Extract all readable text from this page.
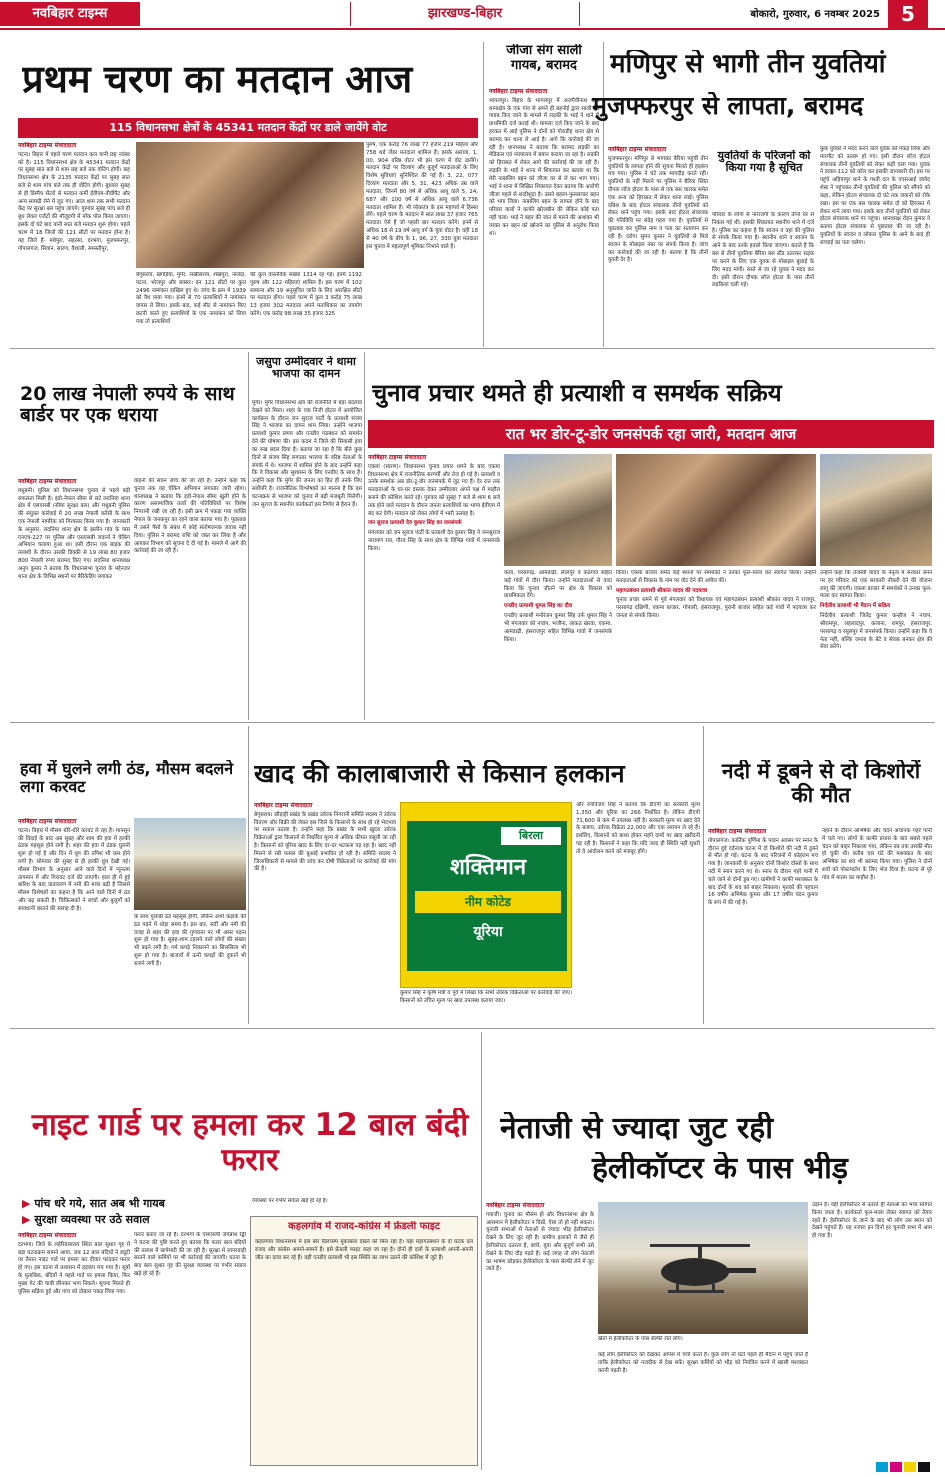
नवबिहार टाइम्स	झारखण्ड-बिहार	बोकारो, गुरुवार, 6 नवम्बर 2025	5
प्रथम चरण का मतदान आज
115 विधानसभा क्षेत्रों के 45341 मतदान केंद्रों पर डाले जायेंगे वोट
नवबिहार टाइम्स संवाददाता

पटना। बिहार में पहले चरण मतदान कल यानी छह नवंबर को है। 115 विधानसभा क्षेत्र के 45341 मतदान केंद्रों पर सुबह सात बजे से शाम छह बजे तक वोटिंग होगी। छह विधानसभा क्षेत्र के 2135 मतदान केंद्रों पर सुबह सात बजे से शाम पांच बजे तक ही वोटिंग होगी। बुधवार सुबह से ही डिस्पैच सेंटरों से मतदान कर्मी ईवीएम-वीवीपैट और अन्य सामग्री लेने में जुट गए। आज शाम तक सभी मतदान केंद्र पर सुरक्षा बल पहुंच जाएंगे। गुरुवार सुबह पांच बजे ही बूथ लेवल एजेंटों की मौजूदगी में मॉक पोल किया जाएगा। इसके दो घंटे बाद यानी सात बजे मतदान शुरू होगा। पहले चरण में 18 जिलों की 121 सीटों पर मतदान होना है। यह जिले हैं- मधेपुरा, सहरसा, दरभंगा, मुजफ्फरपुर, गोपालगंज, सिवान, सारण, वैशाली, समस्तीपुर,

बेगूसराय, खगड़िया, मुंगेर, लखीसराय, शेखपुरा, नालंदा, पटना, भोजपुर और बक्सर। इन 121 सीटों पर कुल 2496 नामांकन दाखिल हुए थे। जांच के क्रम में 1939 को वैध पाया गया। इनमें से 70 प्रत्याशियों ने नामांकन वापस ले लिया। इसके बाद, कई सीट से नामांकन किए छटनी करते हुए प्रत्याशियों के एक नामांकन को लिया गया तो प्रत्याशियों

की कुल वास्तविक संख्या 1314 रह गई। इनमें 1192 पुरुष और 122 महिलाएं शामिल हैं। इस चरण में 102 सामान्य और 19 अनुसूचित जाति के लिए आरक्षित सीटों पर मतदान होगा। पहले चरण में कुल 3 करोड़ 75 लाख 13 हजार 302 मतदाता अपने मताधिकार का उपयोग करेंगे। एक करोड़ 98 लाख 35 हजार 325

पुरुष, एक करोड़ 76 लाख 77 हजार 219 महिला और 758 थर्ड जेंडर मतदाता शामिल हैं। इसके अलावा, 1, 00, 904 वरिष्ठ वोटर भी इस चरण में वोट डालेंगे। मतदान केंद्रों पर दिव्यांग और बुजुर्ग मतदाताओं के लिए विशेष सुविधाएं सुनिश्चित की गई हैं। 3, 22, 077 दिव्यांग मतदाता और 5, 31, 423 अधिक उम्र वाले मतदाता, जिनमें 80 वर्ष से अधिक आयु वाले 5, 24, 687 और 100 वर्ष से अधिक आयु वाले 6,736 मतदाता शामिल हैं। भी लोकतंत्र के इस महापर्व में हिस्सा लेंगे। पहले चरण के मतदान में सात लाख 37 हजार 765 मतदाता ऐसे हैं जो पहली बार मतदान करेंगे। इनमें से अधिक 18 से 19 वर्ष आयु वर्ग के युवा वोटर हैं। वहीं 18 से 40 वर्ष के बीच के 1, 96, 27, 330 युवा मतदाता इस चुनाव में महत्वपूर्ण भूमिका निभाने वाले हैं।

जीजा संग साली गायब, बरामद
नवबिहार टाइम्स संवाददाता

भागलपुर। बिहार के भागलपुर में अजगैवीनाथ धाम थानाक्षेत्र के एक गांव से अपने ही बहनोई द्वारा साली को गायब किए जाने के मामले में लड़की के भाई ने थाने में प्राथमिकी दर्ज कराई थी। मामला दर्ज किए जाने के बाद हरकत में आई पुलिस ने दोनों को गोराडीह थाना क्षेत्र से बरामद कर थाना ले आई है। आगे कि कार्रवाई की जा रही है। थानाध्यक्ष ने बताया कि बरामद लड़की का मेडिकल एवं न्यायालय में बयान कराया जा रहा है। लड़की को हिरासत में लेकर आगे की कार्रवाई की जा रही है। लड़की के भाई ने थाना में शिकायत कर बताया था कि मेरी नाबालिग बहन को जीजा घर से ले कर भाग गया। भाई ने थाना में लिखित शिकायत देकर बताया कि आरोपी जीजा पहले से शादीशुदा है। उसने बहला-फुसलाकर बहन को भगा लिया। नाबालिग बहन के लापता होने के बाद परिवार वालों ने काफी खोजबीन की लेकिन कोई पता नहीं चला। भाई ने बहन की जान से मारने की आशंका भी व्यक्त कर बहन को खोजने का पुलिस से अनुरोध किया था।

मणिपुर से भागी तीन युवतियां
मुजफ्फरपुर से लापता, बरामद
नवबिहार टाइम्स संवाददाता

मुजफ्फरपुर। मणिपुर से भागकर बैरिया पहुंचीं तीन युवतियों के लापता होने की सूचना मिलते ही हड़कंप मच गया। पुलिस ने घंटे तक भागदौड़ करते रही। युवतियों के नहीं मिलने पर पुलिस ने बैरिया स्थित दीपक लॉज होटल के पास से एक बस चालक समेत एक अन्य को हिरासत में लेकर थाना लाई। पुलिस दबिश के बाद होटल संचालक तीनों युवतियों को लेकर थाने पहुंच गया। इसके बाद होटल संचालक की गतिविधि पर संदेह गहरा गया है। युवतियों से पूछताछ कर पुलिस नाम व पता का सत्यापन कर रही है। दरोगा सुमन कुमार ने युवतियों से मिले स्वजन के मोबाइल नंबर पर संपर्क किया है। जांच कर कार्रवाई की जा रही है। बताया है कि तीनों युवती देर है।

युवतियों के परिजनों को किया गया है सूचित

परिवार के लोगों से नाराजगी के कारण तीनों घर से निकल गई थीं। इसकी शिकायत स्थानीय थाने में दर्ज है। पुलिस का कहना है कि स्वजन व वहां की पुलिस से संपर्क किया गया है। स्थानीय थाने व स्वजन के आने के बाद उनके हवाले किया जाएगा। बताते हैं कि बस से तीनों युवतियां बैरिया बस स्टैंड उतरकर सड़क पर करने के लिए एक युवक से मोबाइल बुलाई के लिए मदद मांगी। रास्ते से जा रहे युवक ने मदद कर दी। इसी दौरान दीपक लॉज होटल के पास तीनों लड़कियां चली गई।

कुछ युवकों ने मदद करने वाले युवक को पकड़ लिया और मारपीट को उतारू हो गए। इसी दौरान लॉज होटल संचालक तीनों युवतियों को लेकर कहीं चला गया। युवक ने डायल-112 को कॉल कर इसकी जानकारी दी। इस पर पहुंचे अहियापुर थाने के गश्ती दल के एएसआई जावेद शेख ने पहुंचकर तीनों युवतियों की पुलिस को सौंपने को कहा, लेकिन होटल संचालक दो घंटे तक जवानों को रोके रखा। इस पर एक बस चालक समेत दो को हिरासत में लेकर थाने लाया गया। इसके बाद तीनों युवतियों को लेकर होटल संचालक थाने पर पहुंचा। थानाध्यक्ष रोहन कुमार ने बताया होटल संचालक से पूछताछ की जा रही है। युवतियों के स्वजन व लोकल पुलिस के आने के बाद ही सच्चाई का पता चलेगा।

20 लाख नेपाली रुपये के साथ बार्डर पर एक धराया
नवबिहार टाइम्स संवाददाता

मधुबनी। पुलिस को विधानसभा चुनाव से पहले बड़ी सफलता मिली है। इंडो-नेपाल सीमा से सटे लदनिया थाना क्षेत्र में एसएसबी (सीमा सुरक्षा बल) और मधुबनी पुलिस की संयुक्त कार्रवाई में 20 लाख नेपाली करेंसी के साथ एक नेपाली नागरिक को गिरफ्तार किया गया है। जानकारी के अनुसार, लदनिया थाना क्षेत्र के झलीन गांव के पास एनएच-227 पर पुलिस और एसएसबी जवानों ने चेकिंग अभियान चलाया हुआ था। इसी दौरान एक बाइक की तलाशी के दौरान उसकी डिक्की से 19 लाख 80 हजार 800 नेपाली रुपए बरामद किए गए। लदनिया थानाध्यक्ष अनुप कुमार ने बताया कि विधानसभा चुनाव के मद्देनजर थाना क्षेत्र के विभिन्न स्थानों पर बैरिकेडिंग लगाकर

वाहनों की सघन जांच की जा रही है। उन्होंने कहा कि चुनाव तक यह चेकिंग अभियान लगातार जारी रहेगा। थानाध्यक्ष ने बताया कि इंडो-नेपाल सीमा खुली होने के कारण असामाजिक तत्वों की गतिविधियों पर विशेष निगरानी रखी जा रही है। इसी क्रम में पकड़ा गया व्यक्ति नेपाल के जनकपुर का रहने वाला बताया गया है। पूछताछ में उसने पैसों के संबंध में कोई संतोषजनक जवाब नहीं दिया। पुलिस ने बरामद राशि को जब्त कर लिया है और आयकर विभाग को सूचना दे दी गई है। मामले में आगे की कार्रवाई की जा रही है।

जसुपा उम्मीदवार ने थामा भाजपा का दामन

मुंगेर। मुंगेर विधानसभा क्षेत्र की राजनीति में बड़ा बदलाव देखने को मिला। शहर के एक निजी होटल में आयोजित कार्यक्रम के दौरान जन सुराज पार्टी के प्रत्याशी संजय सिंह ने भाजपा का दामन थाम लिया। उन्होंने भाजपा प्रत्याशी कुमार प्रणय और एनडीए गठबंधन को समर्थन देने की घोषणा की। इस कदम ने जिले की सियासी हवा का रुख बदल दिया है। बताया जा रहा है कि बीते कुछ दिनों से संजय सिंह लगातार भाजपा के वरिष्ठ नेताओं के संपर्क में थे। भाजपा में शामिल होने के बाद उन्होंने कहा कि वे विकास और सुशासन के लिए एनडीए के साथ हैं। उन्होंने कहा कि मुंगेर की जनता का हित ही उनके लिए सर्वोपरि है। राजनीतिक विश्लेषकों का मानना है कि इस घटनाक्रम से भाजपा को चुनाव में बड़ी मजबूती मिलेगी। जन सुराज के स्थानीय कार्यकर्ता इस निर्णय से हैरान हैं।

चुनाव प्रचार थमते ही प्रत्याशी व समर्थक सक्रिय
रात भर डोर-टू-डोर जनसंपर्क रहा जारी, मतदान आज
नवबिहार टाइम्स संवाददाता

एकमा (सारण)। विधानसभा चुनाव प्रचार थमने के बाद एकमा विधानसभा क्षेत्र में राजनीतिक सरगर्मी और तेज हो गई है। प्रत्याशी व उनके समर्थक अब डोर-टू-डोर जनसंपर्क में जुट गए हैं। देर रात तक मतदाताओं के घर-घर दस्तक देकर उम्मीदवार अपने पक्ष में माहौल बनाने की कोशिश करते रहे। गुरुवार को सुबह 7 बजे से शाम 6 बजे तक होने वाले मतदान के दौरान जनता प्रत्याशियों का भाग्य ईवीएम में बंद कर देगी। मतदान को लेकर लोगों में भारी उत्साह है।

जन सुराज प्रत्याशी देव कुमार सिंह का जनसंपर्क

मंगलवार को जन सुराज पार्टी के प्रत्याशी देव कुमार सिंह ने जनसुराज नारायण राय, गौरव सिंह के साथ क्षेत्र के विभिन्न गांवों में जनसंपर्क किया।

कला, परसागढ़, आमडाढ़ी, लालपुर व कठगाव सहित कई गांवों में दौरा किया। उन्होंने मतदाताओं से वादा किया कि चुनाव जीतने पर क्षेत्र के विकास को प्राथमिकता देंगे।

एनडीए प्रत्याशी धूमल सिंह का दौरा

एनडीए प्रत्याशी मनोरंजन कुमार सिंह उर्फ धूमल सिंह ने भी मंगलवार को नचाप, भजौना, लाकठ खरवा, एकमा, आमडाढ़ी, हंसराजपुर सहित विभिन्न गांवों में जनसंपर्क किया।

किया। एकमा बाजार समेत कई स्थानों पर समर्थकों ने उनका फूल-माला कर स्वागत किया। उन्होंने मतदाताओं से विकास के नाम पर वोट देने की अपील की।

महागठबंधन प्रत्याशी श्रीकांत यादव की पदयात्रा

चुनाव प्रचार थमने से पूर्व मंगलवार को विधायक एवं महागठबंधन प्रत्याशी श्रीकांत यादव ने राजपुर, परसागढ़ दक्षिणी, एकमा बाजार, गोपाली, हंसराजपुर, पुरानी बाजार सहित कई गांवों में पदयात्रा कर जनता से संपर्क किया।

उन्होंने कहा कि तेजस्वी यादव के नेतृत्व में सरकार बनने पर हर परिवार को एक सरकारी नौकरी देने की योजना लागू की जाएगी। एकमा बाजार में समर्थकों ने उनका फूल-माला कर स्वागत किया।

निर्दलीय प्रत्याशी भी मैदान में सक्रिय

निर्दलीय प्रत्याशी जितेंद्र कुमार कन्हौज ने नचाप, श्रीरामपुर, लहलादपुर, कलाना, रामपुर, हंसराजपुर, परसागढ़ व रसूलपुर में जनसंपर्क किया। उन्होंने कहा कि वे नेता नहीं, बल्कि जनता के बेटे व सेवक बनकर क्षेत्र की सेवा करेंगे।

हवा में घुलने लगी ठंड, मौसम बदलने लगा करवट
नवबिहार टाइम्स संवाददाता

पटना। बिहार में मौसम धीरे-धीरे करवट ले रहा है। मानसून की विदाई के बाद अब सुबह और शाम की हवा में हल्की ठंडक महसूस होने लगी है। शहर की हवा में ठंडक घुलनी शुरू हो गई है और दिन में धूप की तपिश भी कम होने लगी है। सोमवार की सुबह से ही हल्की धुंध देखी गई। मौसम विभाग के अनुसार आने वाले दिनों में न्यूनतम तापमान में और गिरावट दर्ज की जाएगी। हाल ही में हुई बारिश के बाद वातावरण में नमी की मात्रा बढ़ी है जिससे मौसम विशेषज्ञों का कहना है कि आने वाले दिनों में ठंड और बढ़ सकती है। चिकित्सकों ने बच्चों और बुजुर्गों को सावधानी बरतने की सलाह दी है।

के साथ गुलाबी ठंड महसूस होगी, लेकिन अभी कड़ाके की ठंड पड़ने में थोड़ा समय है। इस बार, सर्दी और नमी की वजह से शहर की हवा की गुणवत्ता पर भी असर पड़ना शुरू हो गया है। सुबह-शाम टहलने वाले लोगों की संख्या भी बढ़ने लगी है। गर्म कपड़े निकालने का सिलसिला भी शुरू हो गया है। बाजारों में ऊनी कपड़ों की दुकानें भी सजने लगी हैं।

खाद की कालाबाजारी से किसान हलकान
नवबिहार टाइम्स संवाददाता

बेगूसराय। छौड़ाही प्रखंड के प्रखंड उर्वरक निगरानी समिति सदस्य ने उर्वरक वितरण और बिक्री की लेकर इस जिले के किसानों के साथ हो रहे भेदभाव पर सवाल उठाया है। उन्होंने कहा कि प्रखंड के सभी खुदरा उर्वरक विक्रेताओं द्वारा किसानों से निर्धारित मूल्य से अधिक कीमत वसूली जा रही है। किसानों को यूरिया खाद के लिए दर-दर भटकना पड़ रहा है। खाद नहीं मिलने से रबी फसल की बुआई प्रभावित हो रही है। समिति सदस्य ने जिलाधिकारी से मामले की जांच कर दोषी विक्रेताओं पर कार्रवाई की मांग की है।

बिरला
शक्तिमान
नीम कोटेड
यूरिया

कुमार सिंह ने कृषि मंत्री व पूर्व में लिखा कि सभी उर्वरक विक्रेताओं पर कार्रवाई की जाए। किसानों को उचित मूल्य पर खाद उपलब्ध कराया जाए।

और रणविजय सिंह ने बताया कि डीएपी का सरकारी मूल्य 1,350 और यूरिया का 266 निर्धारित है। लेकिन डीएपी 71,600 से कम में उपलब्ध नहीं है। सरकारी मूल्य पर खाद देने के बजाय, उर्वरक विक्रेता 22,000 और एक रसायन ले रहे हैं। इसलिए, किसानों को बाध्य होकर महंगे दामों पर खाद खरीदनी पड़ रही है। किसानों ने कहा कि यदि जल्द ही स्थिति नहीं सुधरी तो वे आंदोलन करने को मजबूर होंगे।

नदी में डूबने से दो किशोरों की मौत
नवबिहार टाइम्स संवाददाता

गोपालगंज। कार्तिक पूर्णिमा के पावन अवसर पर स्नान के दौरान हुई दर्दनाक घटना में दो किशोरों की नदी में डूबने से मौत हो गई। घटना के बाद परिजनों में कोहराम मच गया है। जानकारी के अनुसार दोनों किशोर दोस्तों के साथ नदी में स्नान करने गए थे। स्नान के दौरान गहरे पानी में चले जाने से दोनों डूब गए। ग्रामीणों ने काफी मशक्कत के बाद दोनों के शव को बाहर निकाला। मृतकों की पहचान 16 वर्षीय अभिषेक कुमार और 17 वर्षीय चंदन कुमार के रूप में की गई है।

नहाने के दौरान अभिषेक और चंदन अचानक गहरे पानी में चले गए। लोगों के काफी प्रयास के बाद सबसे पहले चंदन को बाहर निकाला गया, लेकिन तब तक उसकी मौत हो चुकी थी। करीब चार घंटे की मशक्कत के बाद अभिषेक का शव भी बरामद किया गया। पुलिस ने दोनों शवों को पोस्टमार्टम के लिए भेज दिया है। घटना से पूरे गांव में मातम का माहौल है।

नाइट गार्ड पर हमला कर 12 बाल बंदी फरार
▶ पांच धरे गये, सात अब भी गायब
▶ सुरक्षा व्यवस्था पर उठे सवाल
नवबिहार टाइम्स संवाददाता

दरभंगा। जिले के लहेरियासराय स्थित बाल सुधार गृह में बड़ा घटनाक्रम सामने आया, जब 12 बाल बंदियों ने ड्यूटी पर तैनात नाइट गार्ड पर हमला कर दीवार फांदकर फरार हो गए। इस घटना से प्रशासन में हड़कंप मच गया है। सूत्रों के मुताबिक, बंदियों ने पहले गार्ड पर हमला किया, फिर मुख्य गेट की चाबी छीनकर भाग निकले। सूचना मिलते ही पुलिस सक्रिय हुई और पांच को दोबारा पकड़ लिया गया।

फरार बताए जा रहे हैं। दरभंगा के एसएसपी जगन्नाथ रेड्डी ने घटना की पुष्टि करते हुए बताया कि फरार बाल बंदियों की तलाश में छापेमारी की जा रही है। सुरक्षा में लापरवाही बरतने वाले कर्मियों पर भी कार्रवाई की जाएगी। घटना के बाद बाल सुधार गृह की सुरक्षा व्यवस्था पर गंभीर सवाल खड़े हो रहे हैं।

व्यवस्था पर गंभीर सवाल खड़े हो रहे हैं।

कहलगांव में राजद-कांग्रेस में फ्रेंडली फाइट

कहलगांव विधानसभा में इस बार दिलचस्प मुकाबला देखने को मिल रहा है। यहां महागठबंधन के दो घटक दल राजद और कांग्रेस आमने-सामने हैं। इसे फ्रेंडली फाइट कहा जा रहा है। दोनों ही दलों के प्रत्याशी अपनी-अपनी जीत का दावा कर रहे हैं। वहीं एनडीए प्रत्याशी भी इस स्थिति का लाभ उठाने की कोशिश में जुटे हैं।

नेताजी से ज्यादा जुट रही
हेलीकॉप्टर के पास भीड़
नवबिहार टाइम्स संवाददाता

गयाजी। चुनाव का मौसम हो और विधानसभा क्षेत्र के आसमान में हेलीकॉप्टर न दिखें, ऐसा तो हो नहीं सकता। चुनावी सभाओं में नेताओं से ज्यादा भीड़ हेलीकॉप्टर देखने के लिए जुट रही है। ग्रामीण इलाकों में जैसे ही हेलीकॉप्टर उतरता है, बच्चे, युवा और बुजुर्ग सभी उसे देखने के लिए दौड़ पड़ते हैं। कई जगह तो लोग नेताजी का भाषण छोड़कर हेलीकॉप्टर के पास सेल्फी लेने में जुट जाते हैं।

खेतों में हेलीकॉप्टर के पास सेल्फी लेते लोग।

कई लोग हेलीकॉप्टर को देखकर आपस में चर्चा करते हैं। कुछ लोग तो घंटों पहले ही मैदान में पहुंच जाते हैं ताकि हेलीकॉप्टर को नजदीक से देख सकें। सुरक्षा कर्मियों को भीड़ को नियंत्रित करने में खासी मशक्कत करनी पड़ती है।

उड़ान है। वहीं हेलीकॉप्टर से उतरते ही नेताओं का भव्य स्वागत किया जाता है। कार्यकर्ता फूल-माला लेकर स्वागत को तैयार रहते हैं। हेलीकॉप्टर के जाने के बाद भी लोग उस स्थान को देखने पहुंचते हैं। यह नजारा इन दिनों हर चुनावी सभा में आम हो गया है।
